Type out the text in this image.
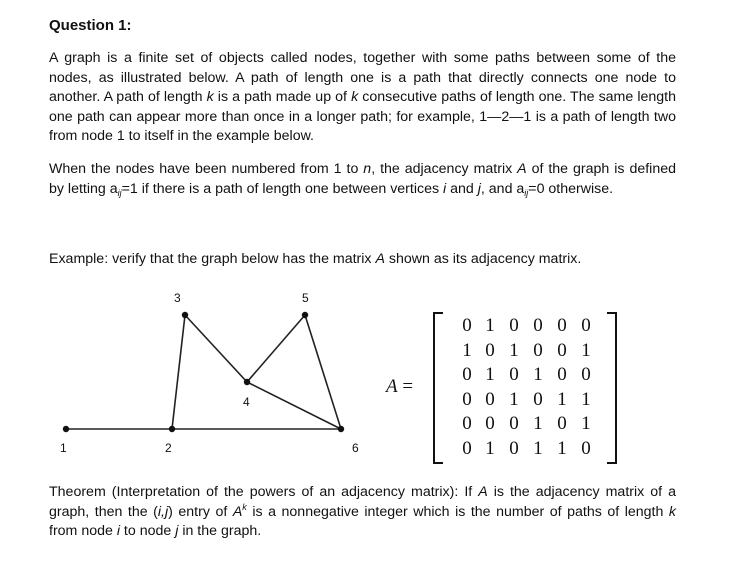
Question 1:
A graph is a finite set of objects called nodes, together with some paths between some of the nodes, as illustrated below. A path of length one is a path that directly connects one node to another. A path of length k is a path made up of k consecutive paths of length one. The same length one path can appear more than once in a longer path; for example, 1—2—1 is a path of length two from node 1 to itself in the example below.
When the nodes have been numbered from 1 to n, the adjacency matrix A of the graph is defined by letting $a_{ij}=1$ if there is a path of length one between vertices i and j, and $a_{ij}=0$ otherwise.
Example: verify that the graph below has the matrix A shown as its adjacency matrix.
1	2
3
4
5
6
A =
0 1 0 0 0 0
1 0 1 0 0 1
0 1 0 1 0 0
0 0 1 0 1 1
0 0 0 1 0 1
0 1 0 1 1 0
Theorem (Interpretation of the powers of an adjacency matrix): If A is the adjacency matrix of a graph, then the (i,j) entry of $A^k$ is a nonnegative integer which is the number of paths of length k from node i to node j in the graph.
